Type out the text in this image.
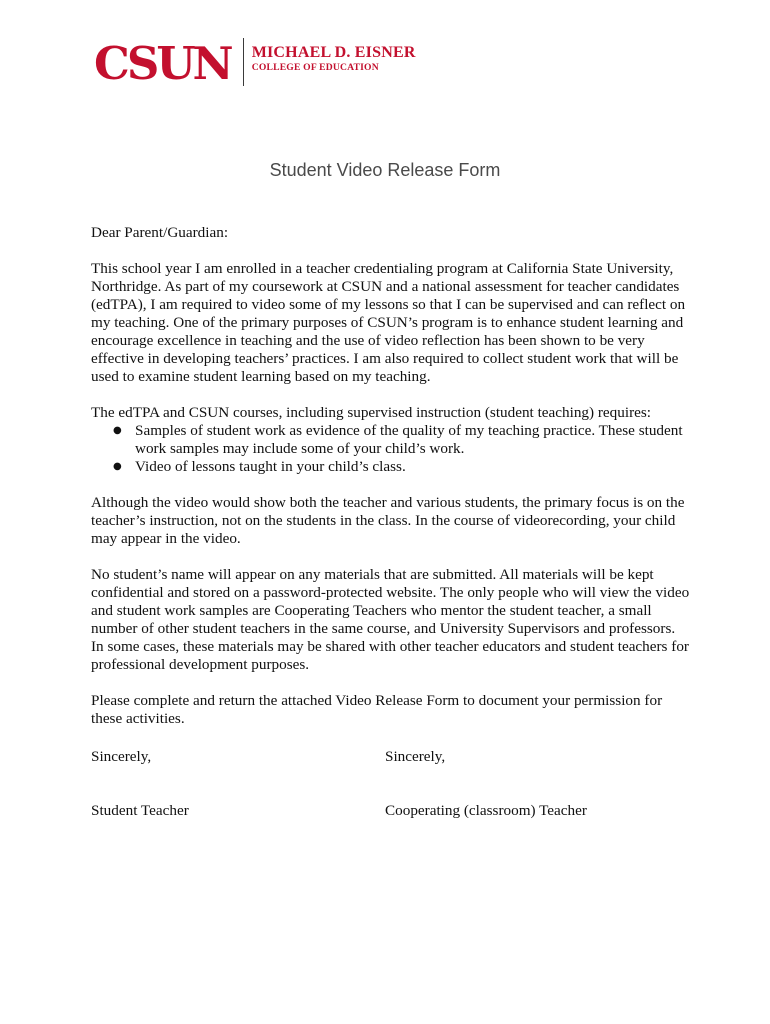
CSUN MICHAEL D. EISNER
COLLEGE OF EDUCATION
Student Video Release Form

Dear Parent/Guardian:

This school year I am enrolled in a teacher credentialing program at California State University, Northridge. As part of my coursework at CSUN and a national assessment for teacher candidates (edTPA), I am required to video some of my lessons so that I can be supervised and can reflect on my teaching. One of the primary purposes of CSUN’s program is to enhance student learning and encourage excellence in teaching and the use of video reflection has been shown to be very effective in developing teachers’ practices. I am also required to collect student work that will be used to examine student learning based on my teaching.

The edTPA and CSUN courses, including supervised instruction (student teaching) requires:

● Samples of student work as evidence of the quality of my teaching practice. These student work samples may include some of your child’s work.
● Video of lessons taught in your child’s class.

Although the video would show both the teacher and various students, the primary focus is on the teacher’s instruction, not on the students in the class. In the course of videorecording, your child may appear in the video.

No student’s name will appear on any materials that are submitted. All materials will be kept confidential and stored on a password-protected website. The only people who will view the video and student work samples are Cooperating Teachers who mentor the student teacher, a small number of other student teachers in the same course, and University Supervisors and professors. In some cases, these materials may be shared with other teacher educators and student teachers for professional development purposes.

Please complete and return the attached Video Release Form to document your permission for these activities.

Sincerely,	Sincerely,
Student Teacher	Cooperating (classroom) Teacher
